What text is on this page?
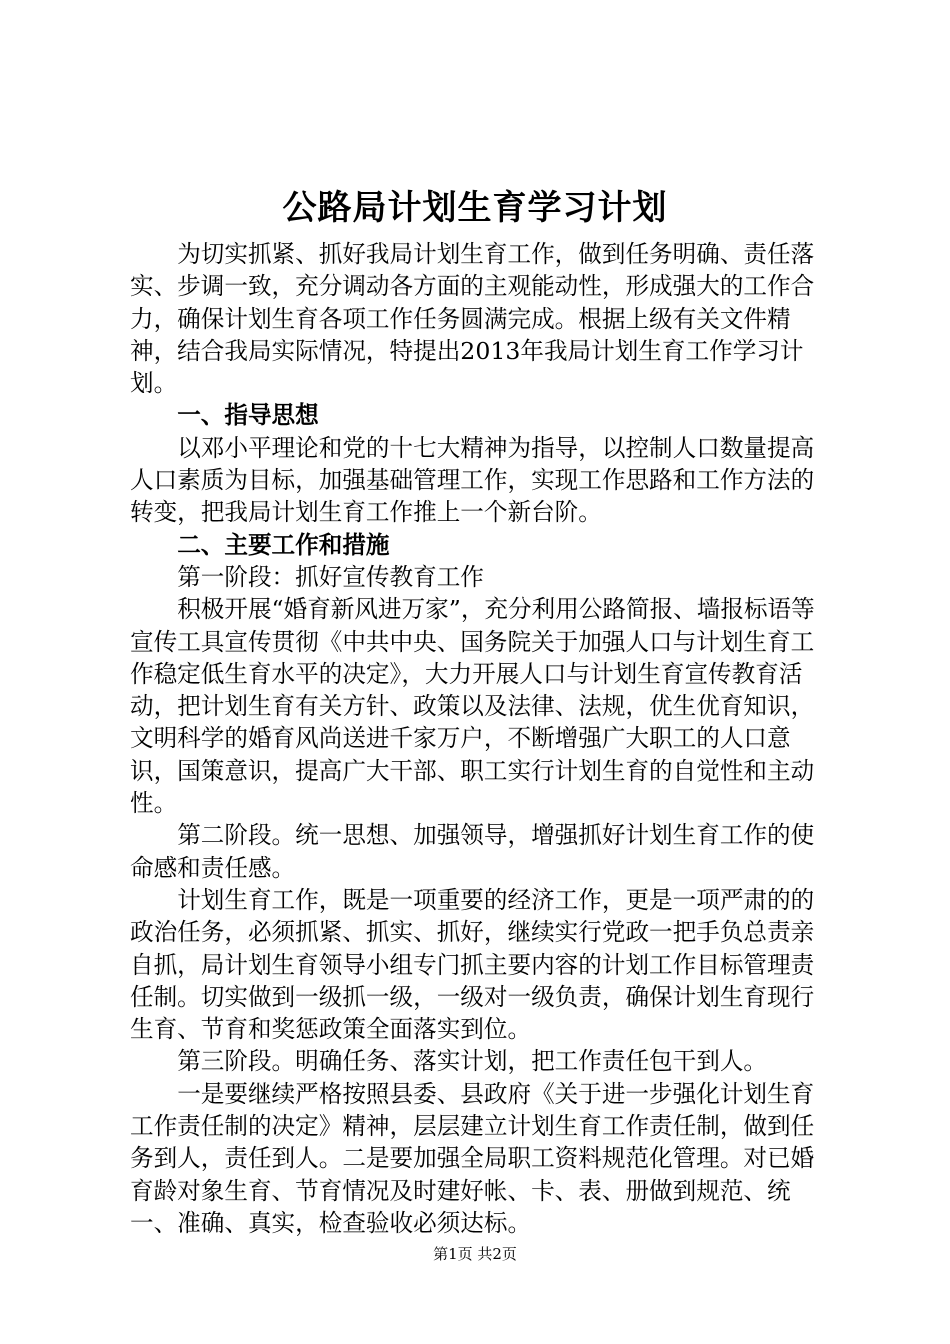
公路局计划生育学习计划

为切实抓紧、抓好我局计划生育工作，做到任务明确、责任落实、步调一致，充分调动各方面的主观能动性，形成强大的工作合力，确保计划生育各项工作任务圆满完成。根据上级有关文件精神，结合我局实际情况，特提出2013年我局计划生育工作学习计划。

一、指导思想

以邓小平理论和党的十七大精神为指导，以控制人口数量提高人口素质为目标，加强基础管理工作，实现工作思路和工作方法的转变，把我局计划生育工作推上一个新台阶。

二、主要工作和措施

第一阶段：抓好宣传教育工作

积极开展“婚育新风进万家”，充分利用公路简报、墙报标语等宣传工具宣传贯彻《中共中央、国务院关于加强人口与计划生育工作稳定低生育水平的决定》，大力开展人口与计划生育宣传教育活动，把计划生育有关方针、政策以及法律、法规，优生优育知识，文明科学的婚育风尚送进千家万户，不断增强广大职工的人口意识，国策意识，提高广大干部、职工实行计划生育的自觉性和主动性。

第二阶段。统一思想、加强领导，增强抓好计划生育工作的使命感和责任感。

计划生育工作，既是一项重要的经济工作，更是一项严肃的的政治任务，必须抓紧、抓实、抓好，继续实行党政一把手负总责亲自抓，局计划生育领导小组专门抓主要内容的计划工作目标管理责任制。切实做到一级抓一级，一级对一级负责，确保计划生育现行生育、节育和奖惩政策全面落实到位。

第三阶段。明确任务、落实计划，把工作责任包干到人。

一是要继续严格按照县委、县政府《关于进一步强化计划生育工作责任制的决定》精神，层层建立计划生育工作责任制，做到任务到人，责任到人。二是要加强全局职工资料规范化管理。对已婚育龄对象生育、节育情况及时建好帐、卡、表、册做到规范、统一、准确、真实，检查验收必须达标。

第1页 共2页
